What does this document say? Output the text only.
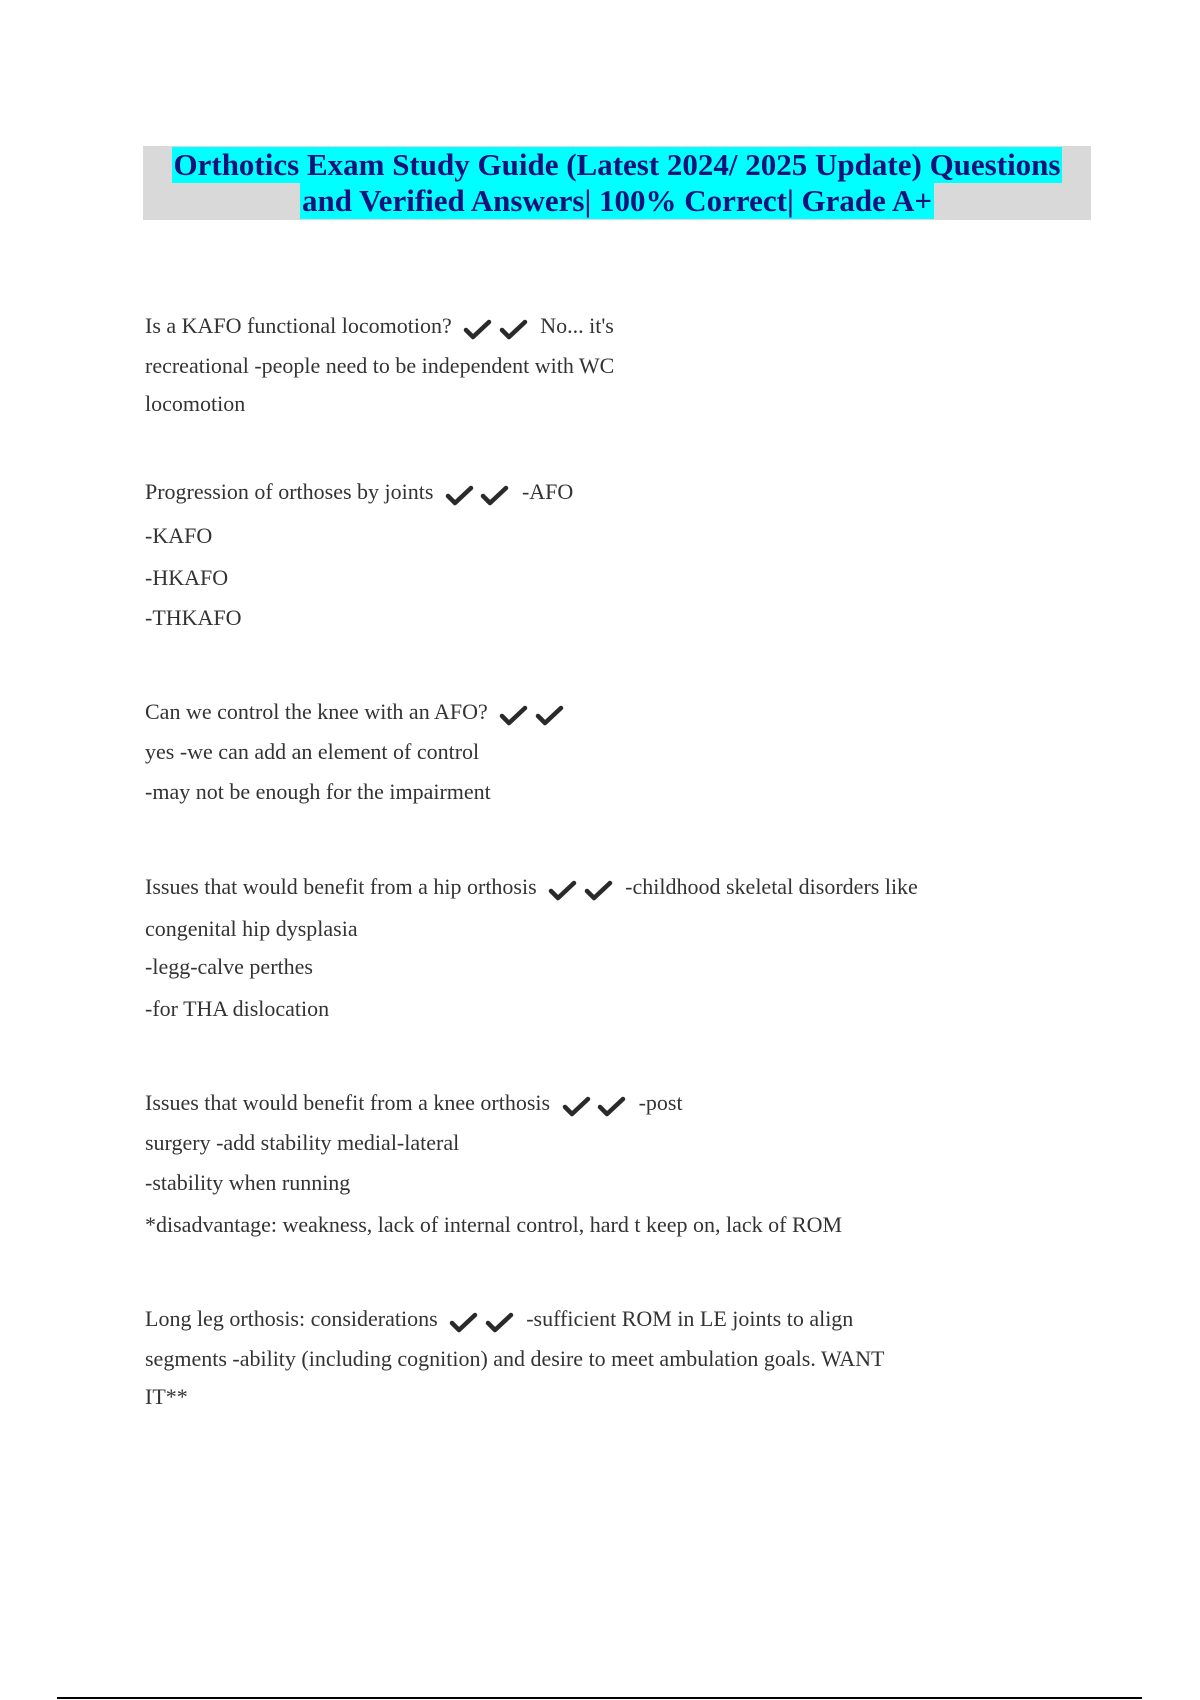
Orthotics Exam Study Guide (Latest 2024/ 2025 Update) Questions
and Verified Answers| 100% Correct| Grade A+
Is a KAFO functional locomotion?
	No... it's
recreational -people need to be independent with WC
locomotion
Progression of orthoses by joints
	-AFO
-KAFO
-HKAFO
-THKAFO
Can we control the knee with an AFO?

yes -we can add an element of control
-may not be enough for the impairment
Issues that would benefit from a hip orthosis
	-childhood skeletal disorders like
congenital hip dysplasia
-legg-calve perthes
-for THA dislocation
Issues that would benefit from a knee orthosis
	-post
surgery -add stability medial-lateral
-stability when running
*disadvantage: weakness, lack of internal control, hard t keep on, lack of ROM
Long leg orthosis: considerations
	-sufficient ROM in LE joints to align
segments -ability (including cognition) and desire to meet ambulation goals. WANT
IT**
